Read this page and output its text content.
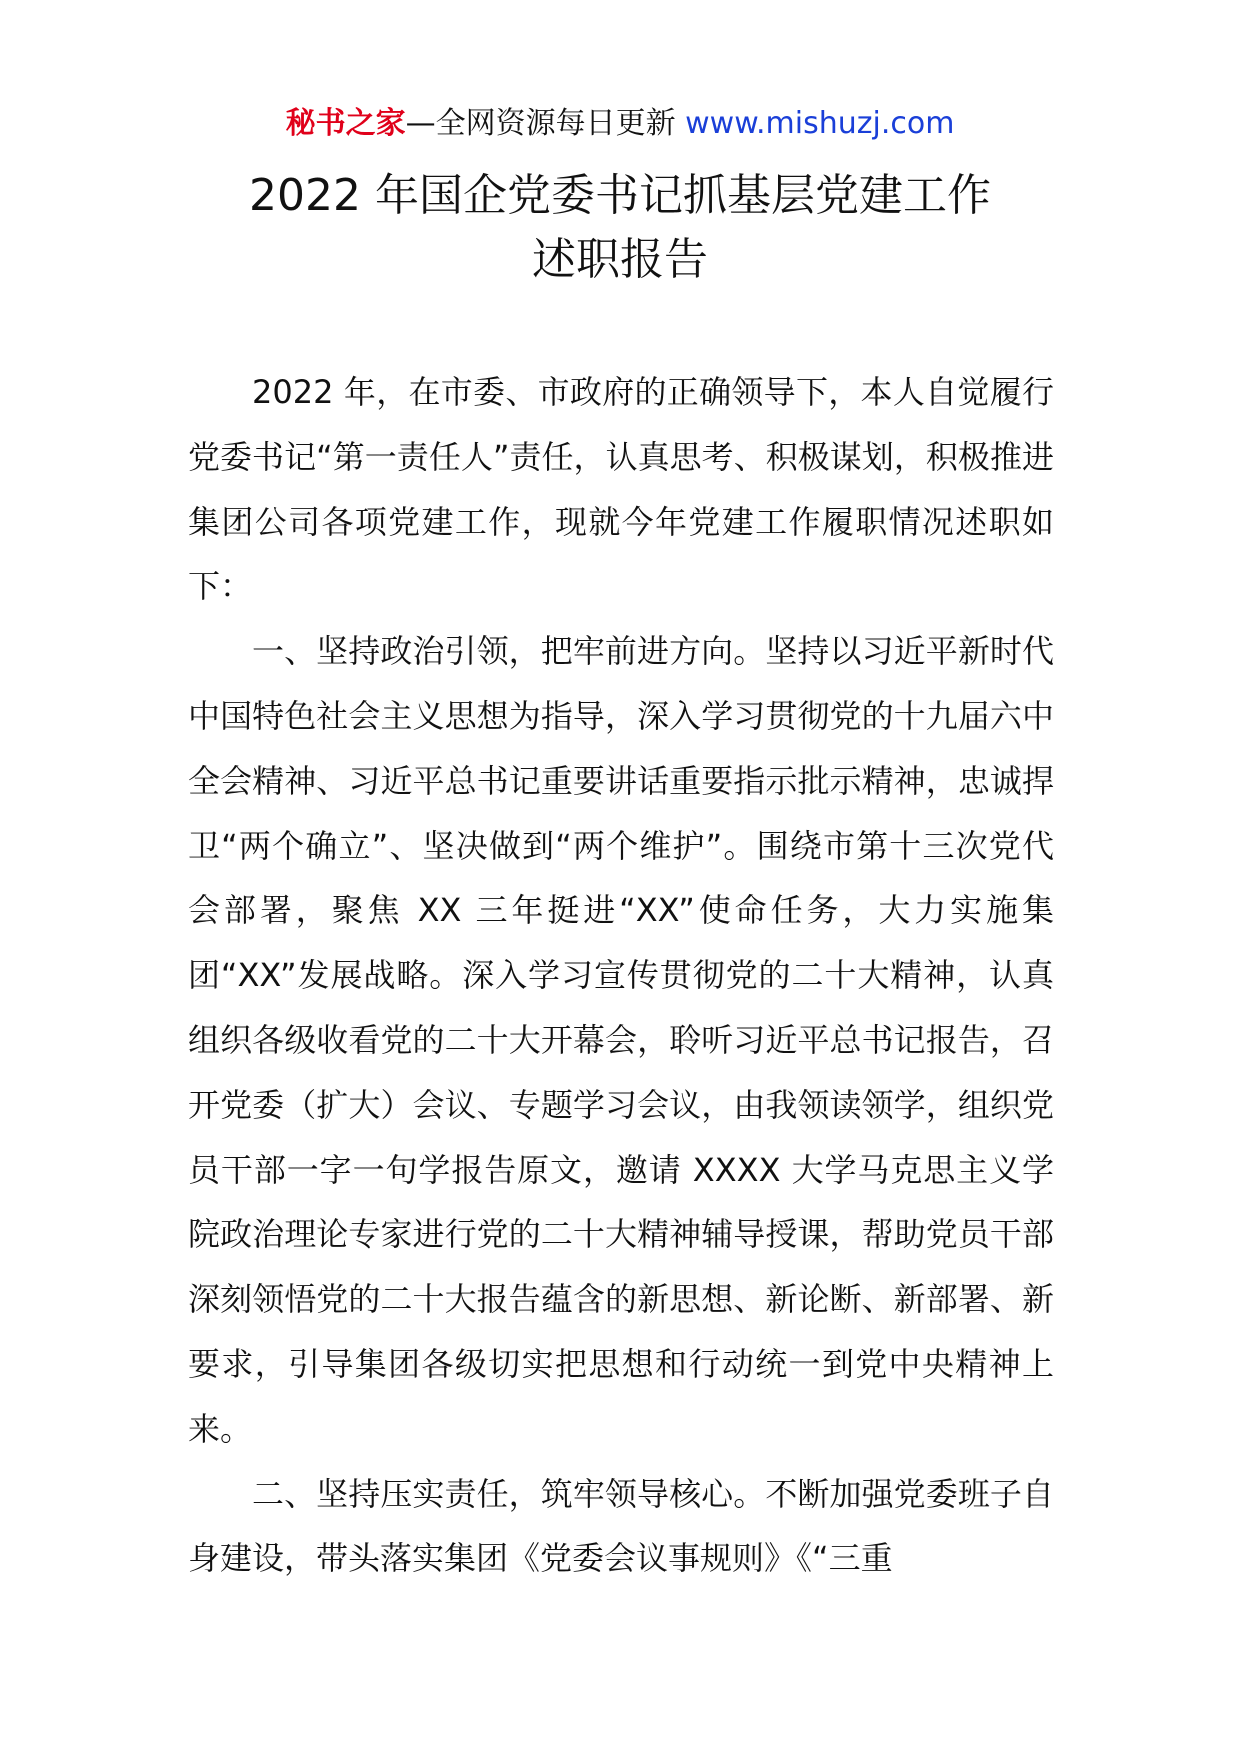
秘书之家—全网资源每日更新 www.mishuzj.com
2022 年国企党委书记抓基层党建工作
述职报告

2022 年，在市委、市政府的正确领导下，本人自觉履行党委书记“第一责任人”责任，认真思考、积极谋划，积极推进集团公司各项党建工作，现就今年党建工作履职情况述职如下：

一、坚持政治引领，把牢前进方向。坚持以习近平新时代中国特色社会主义思想为指导，深入学习贯彻党的十九届六中全会精神、习近平总书记重要讲话重要指示批示精神，忠诚捍卫“两个确立”、坚决做到“两个维护”。围绕市第十三次党代会部署，聚焦 XX 三年挺进“XX”使命任务，大力实施集团“XX”发展战略。深入学习宣传贯彻党的二十大精神，认真组织各级收看党的二十大开幕会，聆听习近平总书记报告，召开党委（扩大）会议、专题学习会议，由我领读领学，组织党员干部一字一句学报告原文，邀请 XXXX 大学马克思主义学院政治理论专家进行党的二十大精神辅导授课，帮助党员干部深刻领悟党的二十大报告蕴含的新思想、新论断、新部署、新要求，引导集团各级切实把思想和行动统一到党中央精神上来。

二、坚持压实责任，筑牢领导核心。不断加强党委班子自身建设，带头落实集团《党委会议事规则》《“三重
